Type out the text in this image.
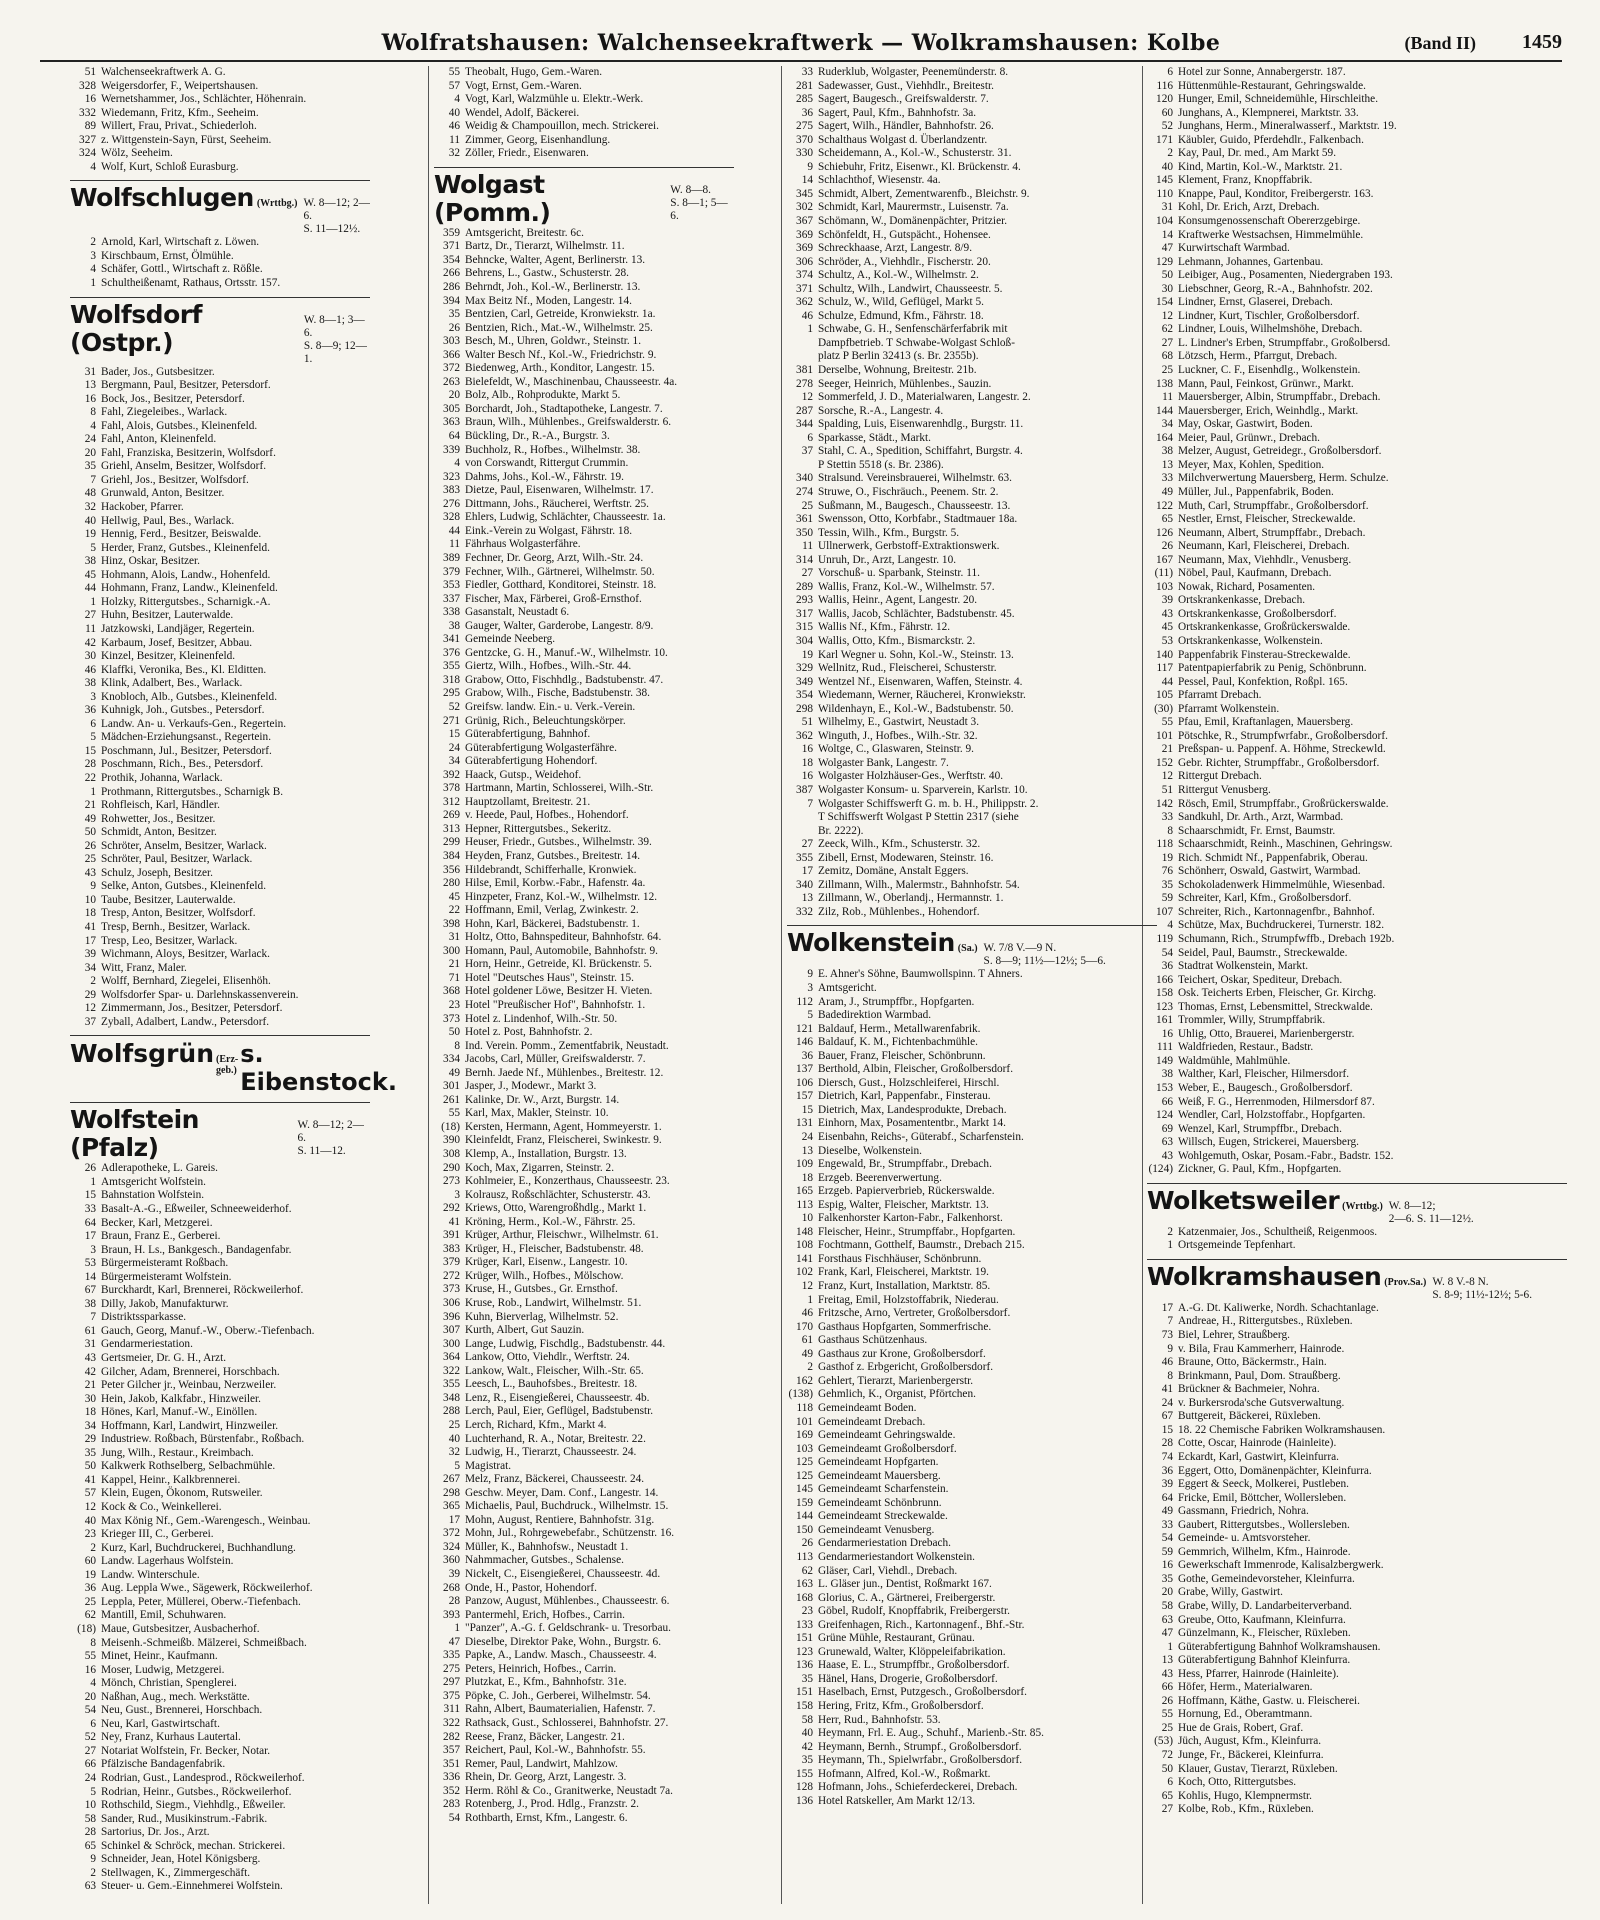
Wolfratshausen: Walchenseekraftwerk — Wolkramshausen: Kolbe	(Band II) 1459
51 Walchenseekraftwerk A. G.
328 Weigersdorfer, F., Weipertshausen.
16 Wernetshammer, Jos., Schlächter, Höhenrain.
332 Wiedemann, Fritz, Kfm., Seeheim.
89 Willert, Frau, Privat., Schiederloh.
327 z. Wittgenstein-Sayn, Fürst, Seeheim.
324 Wölz, Seeheim.
4 Wolf, Kurt, Schloß Eurasburg.
Wolfschlugen (Wrttbg.) W. 8—12; 2—6.
S. 11—12½.
2 Arnold, Karl, Wirtschaft z. Löwen.
3 Kirschbaum, Ernst, Ölmühle.
4 Schäfer, Gottl., Wirtschaft z. Rößle.
1 Schultheißenamt, Rathaus, Ortsstr. 157.
Wolfsdorf (Ostpr.)
W. 8—1; 3—6.
S. 8—9; 12—1.
31 Bader, Jos., Gutsbesitzer.
13 Bergmann, Paul, Besitzer, Petersdorf.
16 Bock, Jos., Besitzer, Petersdorf.
8 Fahl, Ziegeleibes., Warlack.
4 Fahl, Alois, Gutsbes., Kleinenfeld.
24 Fahl, Anton, Kleinenfeld.
20 Fahl, Franziska, Besitzerin, Wolfsdorf.
35 Griehl, Anselm, Besitzer, Wolfsdorf.
7 Griehl, Jos., Besitzer, Wolfsdorf.
48 Grunwald, Anton, Besitzer.
32 Hackober, Pfarrer.
40 Hellwig, Paul, Bes., Warlack.
19 Hennig, Ferd., Besitzer, Beiswalde.
5 Herder, Franz, Gutsbes., Kleinenfeld.
38 Hinz, Oskar, Besitzer.
45 Hohmann, Alois, Landw., Hohenfeld.
44 Hohmann, Franz, Landw., Kleinenfeld.
1 Holzky, Rittergutsbes., Scharnigk.-A.
27 Huhn, Besitzer, Lauterwalde.
11 Jatzkowski, Landjäger, Regertein.
42 Karbaum, Josef, Besitzer, Abbau.
30 Kinzel, Besitzer, Kleinenfeld.
46 Klaffki, Veronika, Bes., Kl. Elditten.
38 Klink, Adalbert, Bes., Warlack.
3 Knobloch, Alb., Gutsbes., Kleinenfeld.
36 Kuhnigk, Joh., Gutsbes., Petersdorf.
6 Landw. An- u. Verkaufs-Gen., Regertein.
5 Mädchen-Erziehungsanst., Regertein.
15 Poschmann, Jul., Besitzer, Petersdorf.
28 Poschmann, Rich., Bes., Petersdorf.
22 Prothik, Johanna, Warlack.
1 Prothmann, Rittergutsbes., Scharnigk B.
21 Rohfleisch, Karl, Händler.
49 Rohwetter, Jos., Besitzer.
50 Schmidt, Anton, Besitzer.
26 Schröter, Anselm, Besitzer, Warlack.
25 Schröter, Paul, Besitzer, Warlack.
43 Schulz, Joseph, Besitzer.
9 Selke, Anton, Gutsbes., Kleinenfeld.
10 Taube, Besitzer, Lauterwalde.
18 Tresp, Anton, Besitzer, Wolfsdorf.
41 Tresp, Bernh., Besitzer, Warlack.
17 Tresp, Leo, Besitzer, Warlack.
39 Wichmann, Aloys, Besitzer, Warlack.
34 Witt, Franz, Maler.
2 Wolff, Bernhard, Ziegelei, Elisenhöh.
29 Wolfsdorfer Spar- u. Darlehnskassenverein.
12 Zimmermann, Jos., Besitzer, Petersdorf.
37 Zyball, Adalbert, Landw., Petersdorf.
Wolfsgrün (Erz-geb.)
s. Eibenstock.
Wolfstein (Pfalz)
W. 8—12; 2—6.
S. 11—12.
26 Adlerapotheke, L. Gareis.
1 Amtsgericht Wolfstein.
15 Bahnstation Wolfstein.
33 Basalt-A.-G., Eßweiler, Schneeweiderhof.
64 Becker, Karl, Metzgerei.
17 Braun, Franz E., Gerberei.
3 Braun, H. Ls., Bankgesch., Bandagenfabr.
53 Bürgermeisteramt Roßbach.
14 Bürgermeisteramt Wolfstein.
67 Burckhardt, Karl, Brennerei, Röckweilerhof.
38 Dilly, Jakob, Manufakturwr.
7 Distriktssparkasse.
61 Gauch, Georg, Manuf.-W., Oberw.-Tiefenbach.
31 Gendarmeriestation.
43 Gertsmeier, Dr. G. H., Arzt.
42 Gilcher, Adam, Brennerei, Horschbach.
21 Peter Gilcher jr., Weinbau, Nerzweiler.
30 Hein, Jakob, Kalkfabr., Hinzweiler.
18 Hönes, Karl, Manuf.-W., Einöllen.
34 Hoffmann, Karl, Landwirt, Hinzweiler.
29 Industriew. Roßbach, Bürstenfabr., Roßbach.
35 Jung, Wilh., Restaur., Kreimbach.
50 Kalkwerk Rothselberg, Selbachmühle.
41 Kappel, Heinr., Kalkbrennerei.
57 Klein, Eugen, Ökonom, Rutsweiler.
12 Kock & Co., Weinkellerei.
40 Max König Nf., Gem.-Warengesch., Weinbau.
23 Krieger III, C., Gerberei.
2 Kurz, Karl, Buchdruckerei, Buchhandlung.
60 Landw. Lagerhaus Wolfstein.
19 Landw. Winterschule.
36 Aug. Leppla Wwe., Sägewerk, Röckweilerhof.
25 Leppla, Peter, Müllerei, Oberw.-Tiefenbach.
62 Mantill, Emil, Schuhwaren.
(18) Maue, Gutsbesitzer, Ausbacherhof.
8 Meisenh.-Schmeißb. Mälzerei, Schmeißbach.
55 Minet, Heinr., Kaufmann.
16 Moser, Ludwig, Metzgerei.
4 Mönch, Christian, Spenglerei.
20 Naßhan, Aug., mech. Werkstätte.
54 Neu, Gust., Brennerei, Horschbach.
6 Neu, Karl, Gastwirtschaft.
52 Ney, Franz, Kurhaus Lautertal.
27 Notariat Wolfstein, Fr. Becker, Notar.
66 Pfälzische Bandagenfabrik.
24 Rodrian, Gust., Landesprod., Röckweilerhof.
5 Rodrian, Heinr., Gutsbes., Röckweilerhof.
10 Rothschild, Siegm., Viehhdlg., Eßweiler.
58 Sander, Rud., Musikinstrum.-Fabrik.
28 Sartorius, Dr. Jos., Arzt.
65 Schinkel & Schröck, mechan. Strickerei.
9 Schneider, Jean, Hotel Königsberg.
2 Stellwagen, K., Zimmergeschäft.
63 Steuer- u. Gem.-Einnehmerei Wolfstein.
55 Theobalt, Hugo, Gem.-Waren.
57 Vogt, Ernst, Gem.-Waren.
4 Vogt, Karl, Walzmühle u. Elektr.-Werk.
40 Wendel, Adolf, Bäckerei.
46 Weidig & Champouillon, mech. Strickerei.
11 Zimmer, Georg, Eisenhandlung.
32 Zöller, Friedr., Eisenwaren.
Wolgast (Pomm.)
W. 8—8.
S. 8—1; 5—6.
359 Amtsgericht, Breitestr. 6c.
371 Bartz, Dr., Tierarzt, Wilhelmstr. 11.
354 Behncke, Walter, Agent, Berlinerstr. 13.
266 Behrens, L., Gastw., Schusterstr. 28.
286 Behrndt, Joh., Kol.-W., Berlinerstr. 13.
394 Max Beitz Nf., Moden, Langestr. 14.
35 Bentzien, Carl, Getreide, Kronwiekstr. 1a.
26 Bentzien, Rich., Mat.-W., Wilhelmstr. 25.
303 Besch, M., Uhren, Goldwr., Steinstr. 1.
366 Walter Besch Nf., Kol.-W., Friedrichstr. 9.
372 Biedenweg, Arth., Konditor, Langestr. 15.
263 Bielefeldt, W., Maschinenbau, Chausseestr. 4a.
20 Bolz, Alb., Rohprodukte, Markt 5.
305 Borchardt, Joh., Stadtapotheke, Langestr. 7.
363 Braun, Wilh., Mühlenbes., Greifswalderstr. 6.
64 Bückling, Dr., R.-A., Burgstr. 3.
339 Buchholz, R., Hofbes., Wilhelmstr. 38.
4 von Corswandt, Rittergut Crummin.
323 Dahms, Johs., Kol.-W., Fährstr. 19.
383 Dietze, Paul, Eisenwaren, Wilhelmstr. 17.
276 Dittmann, Johs., Räucherei, Werftstr. 25.
328 Ehlers, Ludwig, Schlächter, Chausseestr. 1a.
44 Eink.-Verein zu Wolgast, Fährstr. 18.
11 Fährhaus Wolgasterfähre.
389 Fechner, Dr. Georg, Arzt, Wilh.-Str. 24.
379 Fechner, Wilh., Gärtnerei, Wilhelmstr. 50.
353 Fiedler, Gotthard, Konditorei, Steinstr. 18.
337 Fischer, Max, Färberei, Groß-Ernsthof.
338 Gasanstalt, Neustadt 6.
38 Gauger, Walter, Garderobe, Langestr. 8/9.
341 Gemeinde Neeberg.
376 Gentzcke, G. H., Manuf.-W., Wilhelmstr. 10.
355 Giertz, Wilh., Hofbes., Wilh.-Str. 44.
318 Grabow, Otto, Fischhdlg., Badstubenstr. 47.
295 Grabow, Wilh., Fische, Badstubenstr. 38.
52 Greifsw. landw. Ein.- u. Verk.-Verein.
271 Grünig, Rich., Beleuchtungskörper.
15 Güterabfertigung, Bahnhof.
24 Güterabfertigung Wolgasterfähre.
34 Güterabfertigung Hohendorf.
392 Haack, Gutsp., Weidehof.
378 Hartmann, Martin, Schlosserei, Wilh.-Str.
312 Hauptzollamt, Breitestr. 21.
269 v. Heede, Paul, Hofbes., Hohendorf.
313 Hepner, Rittergutsbes., Sekeritz.
299 Heuser, Friedr., Gutsbes., Wilhelmstr. 39.
384 Heyden, Franz, Gutsbes., Breitestr. 14.
356 Hildebrandt, Schifferhalle, Kronwiek.
280 Hilse, Emil, Korbw.-Fabr., Hafenstr. 4a.
45 Hinzpeter, Franz, Kol.-W., Wilhelmstr. 12.
22 Hoffmann, Emil, Verlag, Zwinkestr. 2.
398 Hohn, Karl, Bäckerei, Badstubenstr. 1.
31 Holtz, Otto, Bahnspediteur, Bahnhofstr. 64.
300 Homann, Paul, Automobile, Bahnhofstr. 9.
21 Horn, Heinr., Getreide, Kl. Brückenstr. 5.
71 Hotel "Deutsches Haus", Steinstr. 15.
368 Hotel goldener Löwe, Besitzer H. Vieten.
23 Hotel "Preußischer Hof", Bahnhofstr. 1.
373 Hotel z. Lindenhof, Wilh.-Str. 50.
50 Hotel z. Post, Bahnhofstr. 2.
8 Ind. Verein. Pomm., Zementfabrik, Neustadt.
334 Jacobs, Carl, Müller, Greifswalderstr. 7.
49 Bernh. Jaede Nf., Mühlenbes., Breitestr. 12.
301 Jasper, J., Modewr., Markt 3.
261 Kalinke, Dr. W., Arzt, Burgstr. 14.
55 Karl, Max, Makler, Steinstr. 10.
(18) Kersten, Hermann, Agent, Hommeyerstr. 1.
390 Kleinfeldt, Franz, Fleischerei, Swinkestr. 9.
308 Klemp, A., Installation, Burgstr. 13.
290 Koch, Max, Zigarren, Steinstr. 2.
273 Kohlmeier, E., Konzerthaus, Chausseestr. 23.
3 Kolrausz, Roßschlächter, Schusterstr. 43.
292 Kriews, Otto, Warengroßhdlg., Markt 1.
41 Kröning, Herm., Kol.-W., Fährstr. 25.
391 Krüger, Arthur, Fleischwr., Wilhelmstr. 61.
383 Krüger, H., Fleischer, Badstubenstr. 48.
379 Krüger, Karl, Eisenw., Langestr. 10.
272 Krüger, Wilh., Hofbes., Mölschow.
373 Kruse, H., Gutsbes., Gr. Ernsthof.
306 Kruse, Rob., Landwirt, Wilhelmstr. 51.
396 Kuhn, Bierverlag, Wilhelmstr. 52.
307 Kurth, Albert, Gut Sauzin.
300 Lange, Ludwig, Fischdlg., Badstubenstr. 44.
364 Lankow, Otto, Viehdlr., Werftstr. 24.
322 Lankow, Walt., Fleischer, Wilh.-Str. 65.
355 Leesch, L., Bauhofsbes., Breitestr. 18.
348 Lenz, R., Eisengießerei, Chausseestr. 4b.
288 Lerch, Paul, Eier, Geflügel, Badstubenstr.
25 Lerch, Richard, Kfm., Markt 4.
40 Luchterhand, R. A., Notar, Breitestr. 22.
32 Ludwig, H., Tierarzt, Chausseestr. 24.
5 Magistrat.
267 Melz, Franz, Bäckerei, Chausseestr. 24.
298 Geschw. Meyer, Dam. Conf., Langestr. 14.
365 Michaelis, Paul, Buchdruck., Wilhelmstr. 15.
17 Mohn, August, Rentiere, Bahnhofstr. 31g.
372 Mohn, Jul., Rohrgewebefabr., Schützenstr. 16.
324 Müller, K., Bahnhofsw., Neustadt 1.
360 Nahmmacher, Gutsbes., Schalense.
39 Nickelt, C., Eisengießerei, Chausseestr. 4d.
268 Onde, H., Pastor, Hohendorf.
28 Panzow, August, Mühlenbes., Chausseestr. 6.
393 Pantermehl, Erich, Hofbes., Carrin.
1 "Panzer", A.-G. f. Geldschrank- u. Tresorbau.
47 Dieselbe, Direktor Pake, Wohn., Burgstr. 6.
335 Papke, A., Landw. Masch., Chausseestr. 4.
275 Peters, Heinrich, Hofbes., Carrin.
297 Plutzkat, E., Kfm., Bahnhofstr. 31e.
375 Pöpke, C. Joh., Gerberei, Wilhelmstr. 54.
311 Rahn, Albert, Baumaterialien, Hafenstr. 7.
322 Rathsack, Gust., Schlosserei, Bahnhofstr. 27.
282 Reese, Franz, Bäcker, Langestr. 21.
357 Reichert, Paul, Kol.-W., Bahnhofstr. 55.
351 Remer, Paul, Landwirt, Mahlzow.
336 Rhein, Dr. Georg, Arzt, Langestr. 3.
352 Herm. Röhl & Co., Granitwerke, Neustadt 7a.
283 Rotenberg, J., Prod. Hdlg., Franzstr. 2.
54 Rothbarth, Ernst, Kfm., Langestr. 6.
33 Ruderklub, Wolgaster, Peenemünderstr. 8.
281 Sadewasser, Gust., Viehhdlr., Breitestr.
285 Sagert, Baugesch., Greifswalderstr. 7.
36 Sagert, Paul, Kfm., Bahnhofstr. 3a.
275 Sagert, Wilh., Händler, Bahnhofstr. 26.
370 Schalthaus Wolgast d. Überlandzentr.
330 Scheidemann, A., Kol.-W., Schusterstr. 31.
9 Schiebuhr, Fritz, Eisenwr., Kl. Brückenstr. 4.
14 Schlachthof, Wiesenstr. 4a.
345 Schmidt, Albert, Zementwarenfb., Bleichstr. 9.
302 Schmidt, Karl, Maurermstr., Luisenstr. 7a.
367 Schömann, W., Domänenpächter, Pritzier.
369 Schönfeldt, H., Gutspächt., Hohensee.
369 Schreckhaase, Arzt, Langestr. 8/9.
306 Schröder, A., Viehhdlr., Fischerstr. 20.
374 Schultz, A., Kol.-W., Wilhelmstr. 2.
371 Schultz, Wilh., Landwirt, Chausseestr. 5.
362 Schulz, W., Wild, Geflügel, Markt 5.
46 Schulze, Edmund, Kfm., Fährstr. 18.
1 Schwabe, G. H., Senfenschärferfabrik mit
Dampfbetrieb. T Schwabe-Wolgast Schloß-
platz P Berlin 32413 (s. Br. 2355b).
381 Derselbe, Wohnung, Breitestr. 21b.
278 Seeger, Heinrich, Mühlenbes., Sauzin.
12 Sommerfeld, J. D., Materialwaren, Langestr. 2.
287 Sorsche, R.-A., Langestr. 4.
344 Spalding, Luis, Eisenwarenhdlg., Burgstr. 11.
6 Sparkasse, Städt., Markt.
37 Stahl, C. A., Spedition, Schiffahrt, Burgstr. 4.
P Stettin 5518 (s. Br. 2386).
340 Stralsund. Vereinsbrauerei, Wilhelmstr. 63.
274 Struwe, O., Fischräuch., Peenem. Str. 2.
25 Sußmann, M., Baugesch., Chausseestr. 13.
361 Swensson, Otto, Korbfabr., Stadtmauer 18a.
350 Tessin, Wilh., Kfm., Burgstr. 5.
11 Ullnerwerk, Gerbstoff-Extraktionswerk.
314 Unruh, Dr., Arzt, Langestr. 10.
27 Vorschuß- u. Sparbank, Steinstr. 11.
289 Wallis, Franz, Kol.-W., Wilhelmstr. 57.
293 Wallis, Heinr., Agent, Langestr. 20.
317 Wallis, Jacob, Schlächter, Badstubenstr. 45.
315 Wallis Nf., Kfm., Fährstr. 12.
304 Wallis, Otto, Kfm., Bismarckstr. 2.
19 Karl Wegner u. Sohn, Kol.-W., Steinstr. 13.
329 Wellnitz, Rud., Fleischerei, Schusterstr.
349 Wentzel Nf., Eisenwaren, Waffen, Steinstr. 4.
354 Wiedemann, Werner, Räucherei, Kronwiekstr.
298 Wildenhayn, E., Kol.-W., Badstubenstr. 50.
51 Wilhelmy, E., Gastwirt, Neustadt 3.
362 Winguth, J., Hofbes., Wilh.-Str. 32.
16 Woltge, C., Glaswaren, Steinstr. 9.
18 Wolgaster Bank, Langestr. 7.
16 Wolgaster Holzhäuser-Ges., Werftstr. 40.
387 Wolgaster Konsum- u. Sparverein, Karlstr. 10.
7 Wolgaster Schiffswerft G. m. b. H., Philippstr. 2.
T Schiffswerft Wolgast P Stettin 2317 (siehe
Br. 2222).
27 Zeeck, Wilh., Kfm., Schusterstr. 32.
355 Zibell, Ernst, Modewaren, Steinstr. 16.
17 Zemitz, Domäne, Anstalt Eggers.
340 Zillmann, Wilh., Malermstr., Bahnhofstr. 54.
13 Zillmann, W., Oberlandj., Hermannstr. 1.
332 Zilz, Rob., Mühlenbes., Hohendorf.
Wolkenstein (Sa.) W. 7/8 V.—9 N.
S. 8—9; 11½—12½; 5—6.
9 E. Ahner's Söhne, Baumwollspinn. T Ahners.
3 Amtsgericht.
112 Aram, J., Strumpffbr., Hopfgarten.
5 Badedirektion Warmbad.
121 Baldauf, Herm., Metallwarenfabrik.
146 Baldauf, K. M., Fichtenbachmühle.
36 Bauer, Franz, Fleischer, Schönbrunn.
137 Berthold, Albin, Fleischer, Großolbersdorf.
106 Diersch, Gust., Holzschleiferei, Hirschl.
157 Dietrich, Karl, Pappenfabr., Finsterau.
15 Dietrich, Max, Landesprodukte, Drebach.
131 Einhorn, Max, Posamententbr., Markt 14.
24 Eisenbahn, Reichs-, Güterabf., Scharfenstein.
13 Dieselbe, Wolkenstein.
109 Engewald, Br., Strumpffabr., Drebach.
18 Erzgeb. Beerenverwertung.
165 Erzgeb. Papierverbrieb, Rückerswalde.
113 Espig, Walter, Fleischer, Marktstr. 13.
10 Falkenhorster Karton-Fabr., Falkenhorst.
148 Fleischer, Heinr., Strumpffabr., Hopfgarten.
108 Fochtmann, Gotthelf, Baumstr., Drebach 215.
141 Forsthaus Fischhäuser, Schönbrunn.
102 Frank, Karl, Fleischerei, Marktstr. 19.
12 Franz, Kurt, Installation, Marktstr. 85.
1 Freitag, Emil, Holzstoffabrik, Niederau.
46 Fritzsche, Arno, Vertreter, Großolbersdorf.
170 Gasthaus Hopfgarten, Sommerfrische.
61 Gasthaus Schützenhaus.
49 Gasthaus zur Krone, Großolbersdorf.
2 Gasthof z. Erbgericht, Großolbersdorf.
162 Gehlert, Tierarzt, Marienbergerstr.
(138) Gehmlich, K., Organist, Pförtchen.
118 Gemeindeamt Boden.
101 Gemeindeamt Drebach.
169 Gemeindeamt Gehringswalde.
103 Gemeindeamt Großolbersdorf.
125 Gemeindeamt Hopfgarten.
125 Gemeindeamt Mauersberg.
145 Gemeindeamt Scharfenstein.
159 Gemeindeamt Schönbrunn.
144 Gemeindeamt Streckewalde.
150 Gemeindeamt Venusberg.
26 Gendarmeriestation Drebach.
113 Gendarmeriestandort Wolkenstein.
62 Gläser, Carl, Viehdl., Drebach.
163 L. Gläser jun., Dentist, Roßmarkt 167.
168 Glorius, C. A., Gärtnerei, Freibergerstr.
23 Göbel, Rudolf, Knopffabrik, Freibergerstr.
133 Greifenhagen, Rich., Kartonnagenf., Bhf.-Str.
151 Grüne Mühle, Restaurant, Grünau.
123 Grunewald, Walter, Klöppeleifabrikation.
136 Haase, E. L., Strumpffbr., Großolbersdorf.
35 Hänel, Hans, Drogerie, Großolbersdorf.
151 Haselbach, Ernst, Putzgesch., Großolbersdorf.
158 Hering, Fritz, Kfm., Großolbersdorf.
58 Herr, Rud., Bahnhofstr. 53.
40 Heymann, Frl. E. Aug., Schuhf., Marienb.-Str. 85.
42 Heymann, Bernh., Strumpf., Großolbersdorf.
35 Heymann, Th., Spielwrfabr., Großolbersdorf.
155 Hofmann, Alfred, Kol.-W., Roßmarkt.
128 Hofmann, Johs., Schieferdeckerei, Drebach.
136 Hotel Ratskeller, Am Markt 12/13.
6 Hotel zur Sonne, Annabergerstr. 187.
116 Hüttenmühle-Restaurant, Gehringswalde.
120 Hunger, Emil, Schneidemühle, Hirschleithe.
60 Junghans, A., Klempnerei, Marktstr. 33.
52 Junghans, Herm., Mineralwasserf., Marktstr. 19.
171 Käubler, Guido, Pferdehdlr., Falkenbach.
2 Kay, Paul, Dr. med., Am Markt 59.
40 Kind, Martin, Kol.-W., Marktstr. 21.
145 Klement, Franz, Knopffabrik.
110 Knappe, Paul, Konditor, Freibergerstr. 163.
31 Kohl, Dr. Erich, Arzt, Drebach.
104 Konsumgenossenschaft Obererzgebirge.
14 Kraftwerke Westsachsen, Himmelmühle.
47 Kurwirtschaft Warmbad.
129 Lehmann, Johannes, Gartenbau.
50 Leibiger, Aug., Posamenten, Niedergraben 193.
30 Liebschner, Georg, R.-A., Bahnhofstr. 202.
154 Lindner, Ernst, Glaserei, Drebach.
12 Lindner, Kurt, Tischler, Großolbersdorf.
62 Lindner, Louis, Wilhelmshöhe, Drebach.
27 L. Lindner's Erben, Strumpffabr., Großolbersd.
68 Lötzsch, Herm., Pfarrgut, Drebach.
25 Luckner, C. F., Eisenhdlg., Wolkenstein.
138 Mann, Paul, Feinkost, Grünwr., Markt.
11 Mauersberger, Albin, Strumpffabr., Drebach.
144 Mauersberger, Erich, Weinhdlg., Markt.
34 May, Oskar, Gastwirt, Boden.
164 Meier, Paul, Grünwr., Drebach.
38 Melzer, August, Getreidegr., Großolbersdorf.
13 Meyer, Max, Kohlen, Spedition.
33 Milchverwertung Mauersberg, Herm. Schulze.
49 Müller, Jul., Pappenfabrik, Boden.
122 Muth, Carl, Strumpffabr., Großolbersdorf.
65 Nestler, Ernst, Fleischer, Streckewalde.
126 Neumann, Albert, Strumpffabr., Drebach.
26 Neumann, Karl, Fleischerei, Drebach.
167 Neumann, Max, Viehhdlr., Venusberg.
(11) Nöbel, Paul, Kaufmann, Drebach.
103 Nowak, Richard, Posamenten.
39 Ortskrankenkasse, Drebach.
43 Ortskrankenkasse, Großolbersdorf.
45 Ortskrankenkasse, Großrückerswalde.
53 Ortskrankenkasse, Wolkenstein.
140 Pappenfabrik Finsterau-Streckewalde.
117 Patentpapierfabrik zu Penig, Schönbrunn.
44 Pessel, Paul, Konfektion, Roßpl. 165.
105 Pfarramt Drebach.
(30) Pfarramt Wolkenstein.
55 Pfau, Emil, Kraftanlagen, Mauersberg.
101 Pötschke, R., Strumpfwrfabr., Großolbersdorf.
21 Preßspan- u. Pappenf. A. Höhme, Streckewld.
152 Gebr. Richter, Strumpffabr., Großolbersdorf.
12 Rittergut Drebach.
51 Rittergut Venusberg.
142 Rösch, Emil, Strumpffabr., Großrückerswalde.
33 Sandkuhl, Dr. Arth., Arzt, Warmbad.
8 Schaarschmidt, Fr. Ernst, Baumstr.
118 Schaarschmidt, Reinh., Maschinen, Gehringsw.
19 Rich. Schmidt Nf., Pappenfabrik, Oberau.
76 Schönherr, Oswald, Gastwirt, Warmbad.
35 Schokoladenwerk Himmelmühle, Wiesenbad.
59 Schreiter, Karl, Kfm., Großolbersdorf.
107 Schreiter, Rich., Kartonnagenfbr., Bahnhof.
4 Schütze, Max, Buchdruckerei, Turnerstr. 182.
119 Schumann, Rich., Strumpfwffb., Drebach 192b.
54 Seidel, Paul, Baumstr., Streckewalde.
36 Stadtrat Wolkenstein, Markt.
166 Teichert, Oskar, Spediteur, Drebach.
158 Osk. Teicherts Erben, Fleischer, Gr. Kirchg.
123 Thomas, Ernst, Lebensmittel, Streckwalde.
161 Trommler, Willy, Strumpffabrik.
16 Uhlig, Otto, Brauerei, Marienbergerstr.
111 Waldfrieden, Restaur., Badstr.
149 Waldmühle, Mahlmühle.
38 Walther, Karl, Fleischer, Hilmersdorf.
153 Weber, E., Baugesch., Großolbersdorf.
66 Weiß, F. G., Herrenmoden, Hilmersdorf 87.
124 Wendler, Carl, Holzstoffabr., Hopfgarten.
69 Wenzel, Karl, Strumpffbr., Drebach.
63 Willsch, Eugen, Strickerei, Mauersberg.
43 Wohlgemuth, Oskar, Posam.-Fabr., Badstr. 152.
(124) Zickner, G. Paul, Kfm., Hopfgarten.
Wolketsweiler (Wrttbg.) W. 8—12;
2—6. S. 11—12½.
2 Katzenmaier, Jos., Schultheiß, Reigenmoos.
1 Ortsgemeinde Tepfenhart.
Wolkramshausen (Prov.Sa.) W. 8 V.-8 N.
S. 8-9; 11½-12½; 5-6.
17 A.-G. Dt. Kaliwerke, Nordh. Schachtanlage.
7 Andreae, H., Rittergutsbes., Rüxleben.
73 Biel, Lehrer, Straußberg.
9 v. Bila, Frau Kammerherr, Hainrode.
46 Braune, Otto, Bäckermstr., Hain.
8 Brinkmann, Paul, Dom. Straußberg.
41 Brückner & Bachmeier, Nohra.
24 v. Burkersroda'sche Gutsverwaltung.
67 Buttgereit, Bäckerei, Rüxleben.
15 18. 22 Chemische Fabriken Wolkramshausen.
28 Cotte, Oscar, Hainrode (Hainleite).
74 Eckardt, Karl, Gastwirt, Kleinfurra.
36 Eggert, Otto, Domänenpächter, Kleinfurra.
39 Eggert & Seeck, Molkerei, Pustleben.
64 Fricke, Emil, Böttcher, Wollersleben.
49 Gassmann, Friedrich, Nohra.
33 Gaubert, Rittergutsbes., Wollersleben.
54 Gemeinde- u. Amtsvorsteher.
59 Gemmrich, Wilhelm, Kfm., Hainrode.
16 Gewerkschaft Immenrode, Kalisalzbergwerk.
35 Gothe, Gemeindevorsteher, Kleinfurra.
20 Grabe, Willy, Gastwirt.
58 Grabe, Willy, D. Landarbeiterverband.
63 Greube, Otto, Kaufmann, Kleinfurra.
47 Günzelmann, K., Fleischer, Rüxleben.
1 Güterabfertigung Bahnhof Wolkramshausen.
13 Güterabfertigung Bahnhof Kleinfurra.
43 Hess, Pfarrer, Hainrode (Hainleite).
66 Höfer, Herm., Materialwaren.
26 Hoffmann, Käthe, Gastw. u. Fleischerei.
55 Hornung, Ed., Oberamtmann.
25 Hue de Grais, Robert, Graf.
(53) Jüch, August, Kfm., Kleinfurra.
72 Junge, Fr., Bäckerei, Kleinfurra.
50 Klauer, Gustav, Tierarzt, Rüxleben.
6 Koch, Otto, Rittergutsbes.
65 Kohlis, Hugo, Klempnermstr.
27 Kolbe, Rob., Kfm., Rüxleben.
